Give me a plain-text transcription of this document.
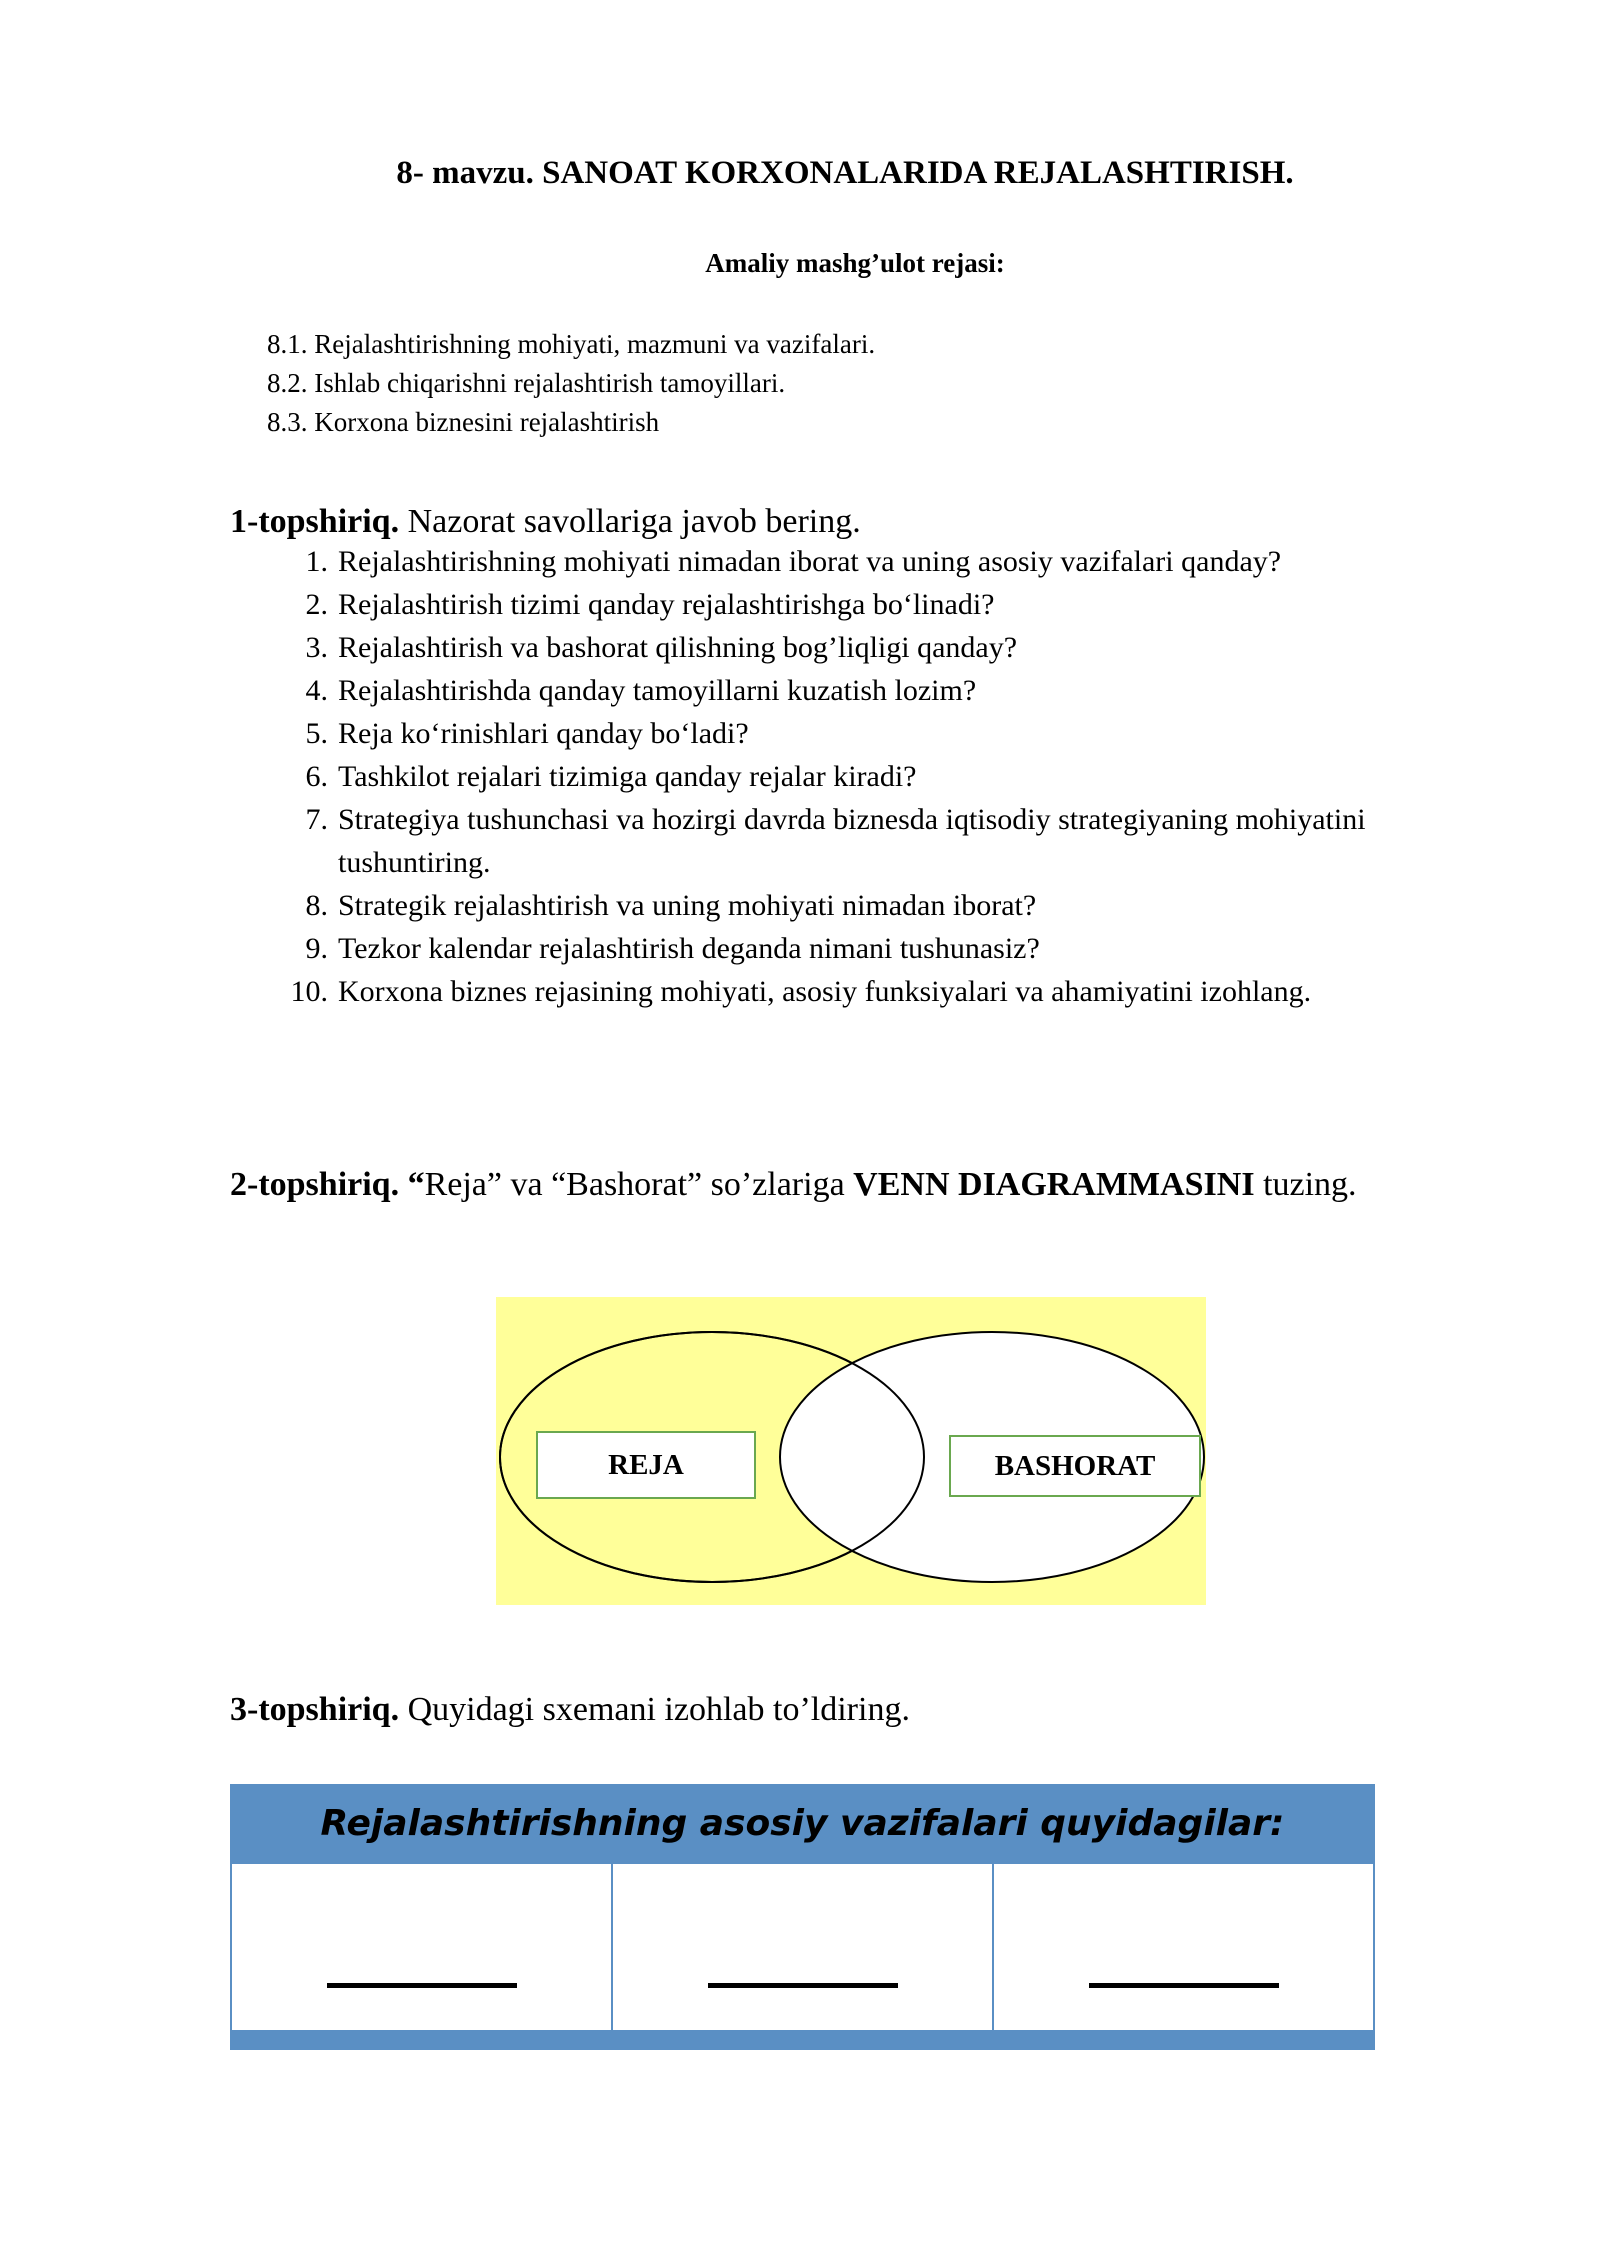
8- mavzu. SANOAT KORXONALARIDA REJALASHTIRISH.
Amaliy mashg’ulot rejasi:
8.1. Rejalashtirishning mohiyati, mazmuni va vazifalari.
8.2. Ishlab chiqarishni rejalashtirish tamoyillari.
8.3. Korxona biznesini rejalashtirish

1-topshiriq. Nazorat savollariga javob bering.

1. Rejalashtirishning mohiyati nimadan iborat va uning asosiy vazifalari qanday?
2. Rejalashtirish tizimi qanday rejalashtirishga bo‘linadi?
3. Rejalashtirish va bashorat qilishning bog’liqligi qanday?
4. Rejalashtirishda qanday tamoyillarni kuzatish lozim?
5. Reja ko‘rinishlari qanday bo‘ladi?
6. Tashkilot rejalari tizimiga qanday rejalar kiradi?
7. Strategiya tushunchasi va hozirgi davrda biznesda iqtisodiy strategiyaning mohiyatini tushuntiring.
8. Strategik rejalashtirish va uning mohiyati nimadan iborat?
9. Tezkor kalendar rejalashtirish deganda nimani tushunasiz?
10. Korxona biznes rejasining mohiyati, asosiy funksiyalari va ahamiyatini izohlang.

2-topshiriq. “Reja” va “Bashorat” so’zlariga VENN DIAGRAMMASINI tuzing.

REJA	BASHORAT

3-topshiriq. Quyidagi sxemani izohlab to’ldiring.

Rejalashtirishning asosiy vazifalari quyidagilar:
